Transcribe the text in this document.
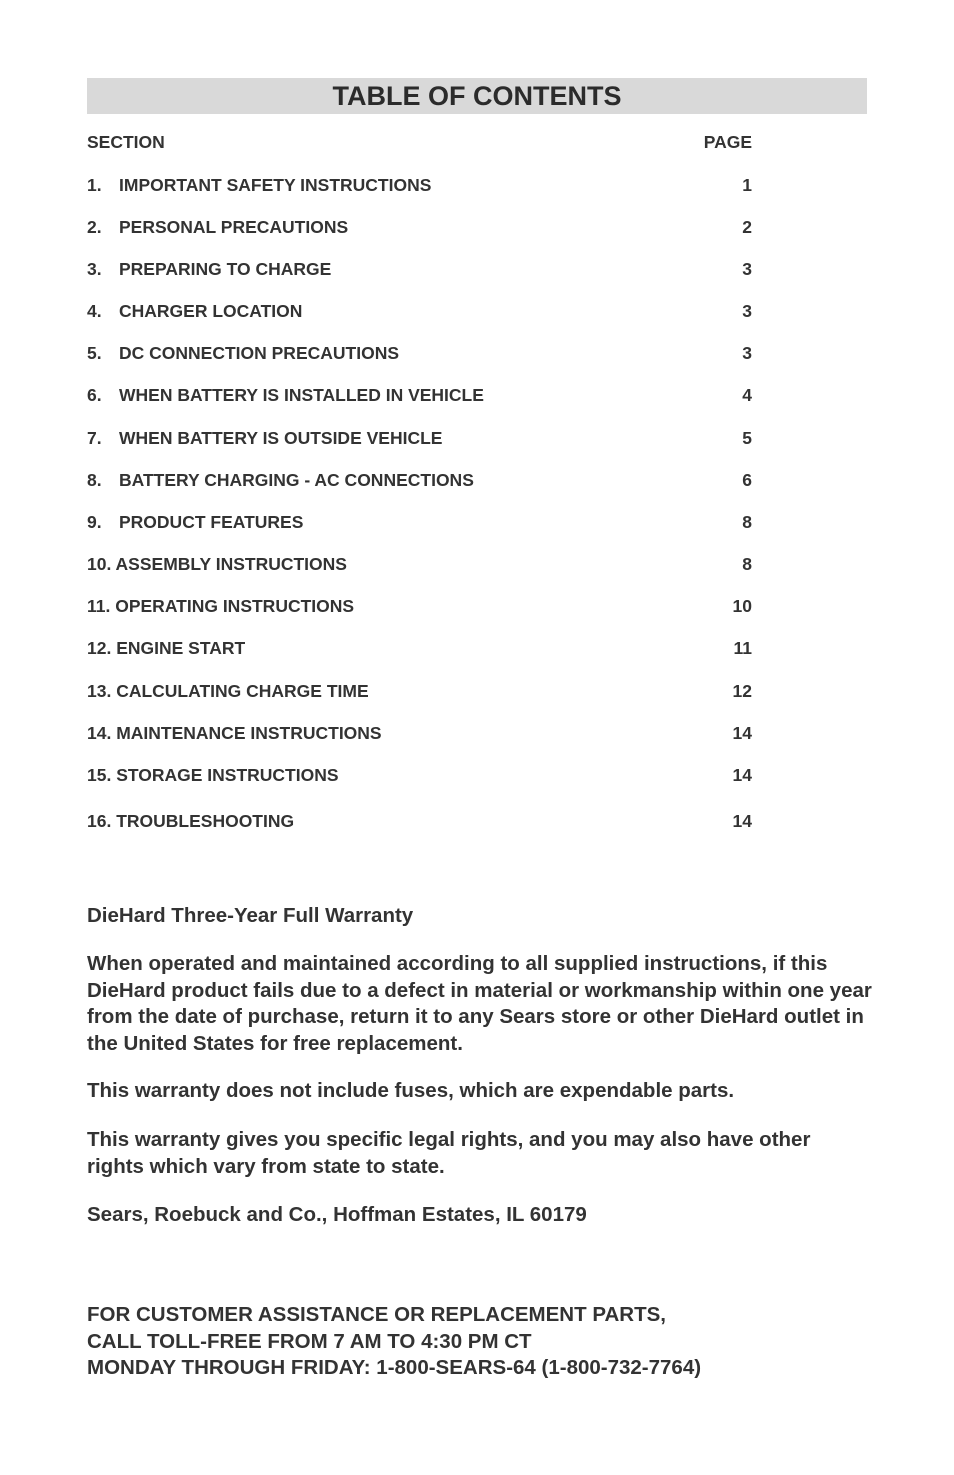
TABLE OF CONTENTS
SECTION	PAGE
1. IMPORTANT SAFETY INSTRUCTIONS	1
2. PERSONAL PRECAUTIONS	2
3. PREPARING TO CHARGE	3
4. CHARGER LOCATION	3
5. DC CONNECTION PRECAUTIONS	3
6. WHEN BATTERY IS INSTALLED IN VEHICLE	4
7. WHEN BATTERY IS OUTSIDE VEHICLE	5
8. BATTERY CHARGING - AC CONNECTIONS	6
9. PRODUCT FEATURES	8
10. ASSEMBLY INSTRUCTIONS	8
11. OPERATING INSTRUCTIONS	10
12. ENGINE START	11
13. CALCULATING CHARGE TIME	12
14. MAINTENANCE INSTRUCTIONS	14
15. STORAGE INSTRUCTIONS	14
16. TROUBLESHOOTING	14
DieHard Three-Year Full Warranty
When operated and maintained according to all supplied instructions, if this DieHard product fails due to a defect in material or workmanship within one year from the date of purchase, return it to any Sears store or other DieHard outlet in the United States for free replacement.
This warranty does not include fuses, which are expendable parts.
This warranty gives you specific legal rights, and you may also have other rights which vary from state to state.
Sears, Roebuck and Co., Hoffman Estates, IL 60179
FOR CUSTOMER ASSISTANCE OR REPLACEMENT PARTS,
CALL TOLL-FREE FROM 7 AM TO 4:30 PM CT
MONDAY THROUGH FRIDAY: 1-800-SEARS-64 (1-800-732-7764)
